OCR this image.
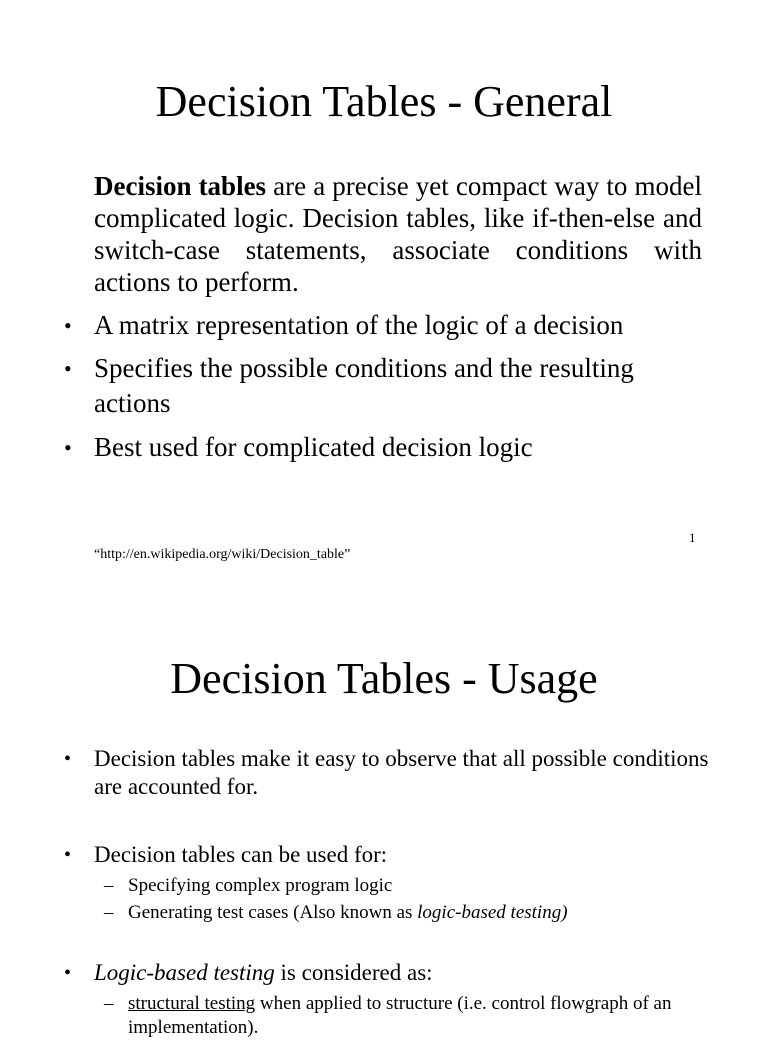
Decision Tables - General

Decision tables are a precise yet compact way to model complicated logic. Decision tables, like if-then-else and switch-case statements, associate conditions with actions to perform.

• A matrix representation of the logic of a decision

• Specifies the possible conditions and the resulting actions

• Best used for complicated decision logic

1
“http://en.wikipedia.org/wiki/Decision_table”
Decision Tables - Usage

• Decision tables make it easy to observe that all possible conditions are accounted for.

• Decision tables can be used for:

– Specifying complex program logic

– Generating test cases (Also known as logic-based testing)

• Logic-based testing is considered as:

– structural testing when applied to structure (i.e. control flowgraph of an implementation).
